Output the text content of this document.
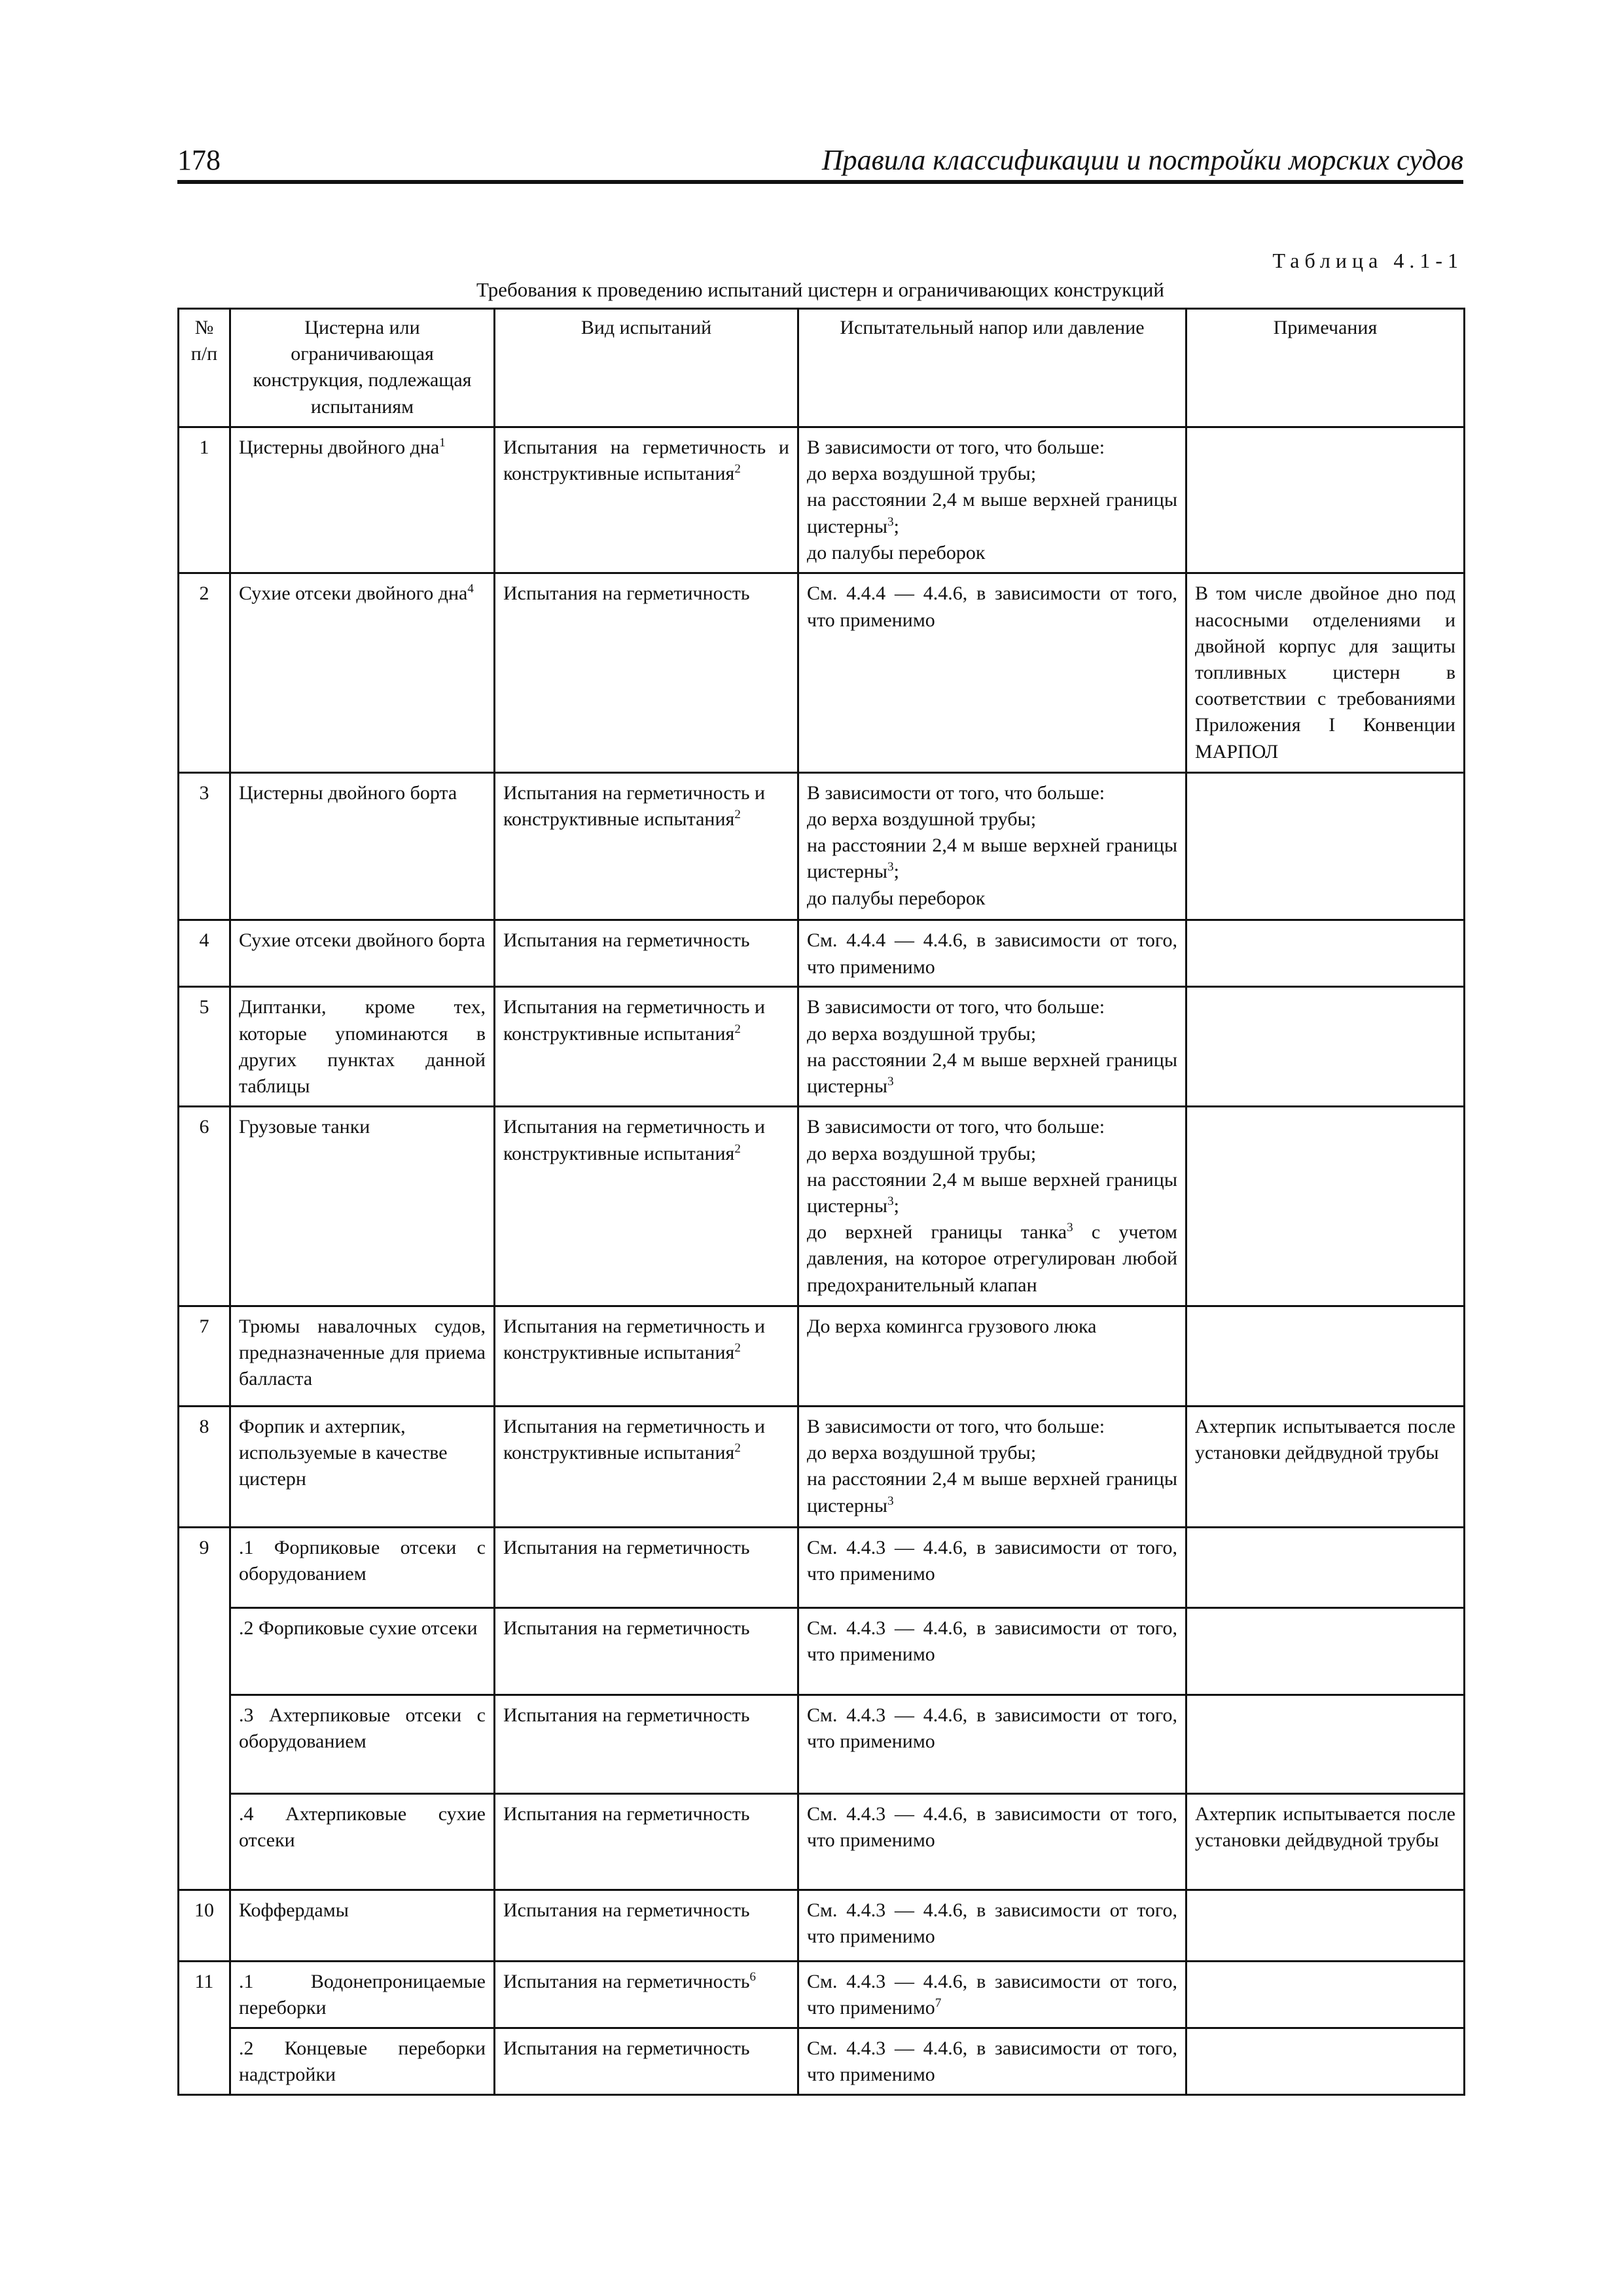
178	Правила классификации и постройки морских судов
Таблица 4.1-1
Требования к проведению испытаний цистерн и ограничивающих конструкций
№ п/п	Цистерна или ограничивающая конструкция, подлежащая испытаниям	Вид испытаний	Испытательный напор или давление	Примечания
1	Цистерны двойного дна$^1$	Испытания на герметичность и конструктивные испытания$^2$	В зависимости от того, что больше:
до верха воздушной трубы;
на расстоянии 2,4 м выше верхней границы цистерны$^3$;
до палубы переборок	
2	Сухие отсеки двойного дна$^4$	Испытания на герметичность	См. 4.4.4 — 4.4.6, в зависимости от того, что применимо	В том числе двойное дно под насосными отделениями и двойной корпус для защиты топливных цистерн в соответствии с требованиями Приложения I Конвенции МАРПОЛ
3	Цистерны двойного борта	Испытания на герметичность и конструктивные испытания$^2$	В зависимости от того, что больше:
до верха воздушной трубы;
на расстоянии 2,4 м выше верхней границы цистерны$^3$;
до палубы переборок	
4	Сухие отсеки двойного борта	Испытания на герметичность	См. 4.4.4 — 4.4.6, в зависимости от того, что применимо	
5	Диптанки, кроме тех, которые упоминаются в других пунктах данной таблицы	Испытания на герметичность и конструктивные испытания$^2$	В зависимости от того, что больше:
до верха воздушной трубы;
на расстоянии 2,4 м выше верхней границы цистерны$^3$	
6	Грузовые танки	Испытания на герметичность и конструктивные испытания$^2$	В зависимости от того, что больше:
до верха воздушной трубы;
на расстоянии 2,4 м выше верхней границы цистерны$^3$;
до верхней границы танка$^3$ с учетом давления, на которое отрегулирован любой предохранительный клапан	
7	Трюмы навалочных судов, предназначенные для приема балласта	Испытания на герметичность и конструктивные испытания$^2$	До верха комингса грузового люка	
8	Форпик и ахтерпик, используемые в качестве цистерн	Испытания на герметичность и конструктивные испытания$^2$	В зависимости от того, что больше:
до верха воздушной трубы;
на расстоянии 2,4 м выше верхней границы цистерны$^3$	Ахтерпик испытывается после установки дейдвудной трубы
9	.1 Форпиковые отсеки с оборудованием	Испытания на герметичность	См. 4.4.3 — 4.4.6, в зависимости от того, что применимо	
	.2 Форпиковые сухие отсеки	Испытания на герметичность	См. 4.4.3 — 4.4.6, в зависимости от того, что применимо	
	.3 Ахтерпиковые отсеки с оборудованием	Испытания на герметичность	См. 4.4.3 — 4.4.6, в зависимости от того, что применимо	
	.4 Ахтерпиковые сухие отсеки	Испытания на герметичность	См. 4.4.3 — 4.4.6, в зависимости от того, что применимо	Ахтерпик испытывается после установки дейдвудной трубы
10	Коффердамы	Испытания на герметичность	См. 4.4.3 — 4.4.6, в зависимости от того, что применимо	
11	.1 Водонепроницаемые переборки	Испытания на герметичность$^6$	См. 4.4.3 — 4.4.6, в зависимости от того, что применимо$^7$	
	.2 Концевые переборки надстройки	Испытания на герметичность	См. 4.4.3 — 4.4.6, в зависимости от того, что применимо	
